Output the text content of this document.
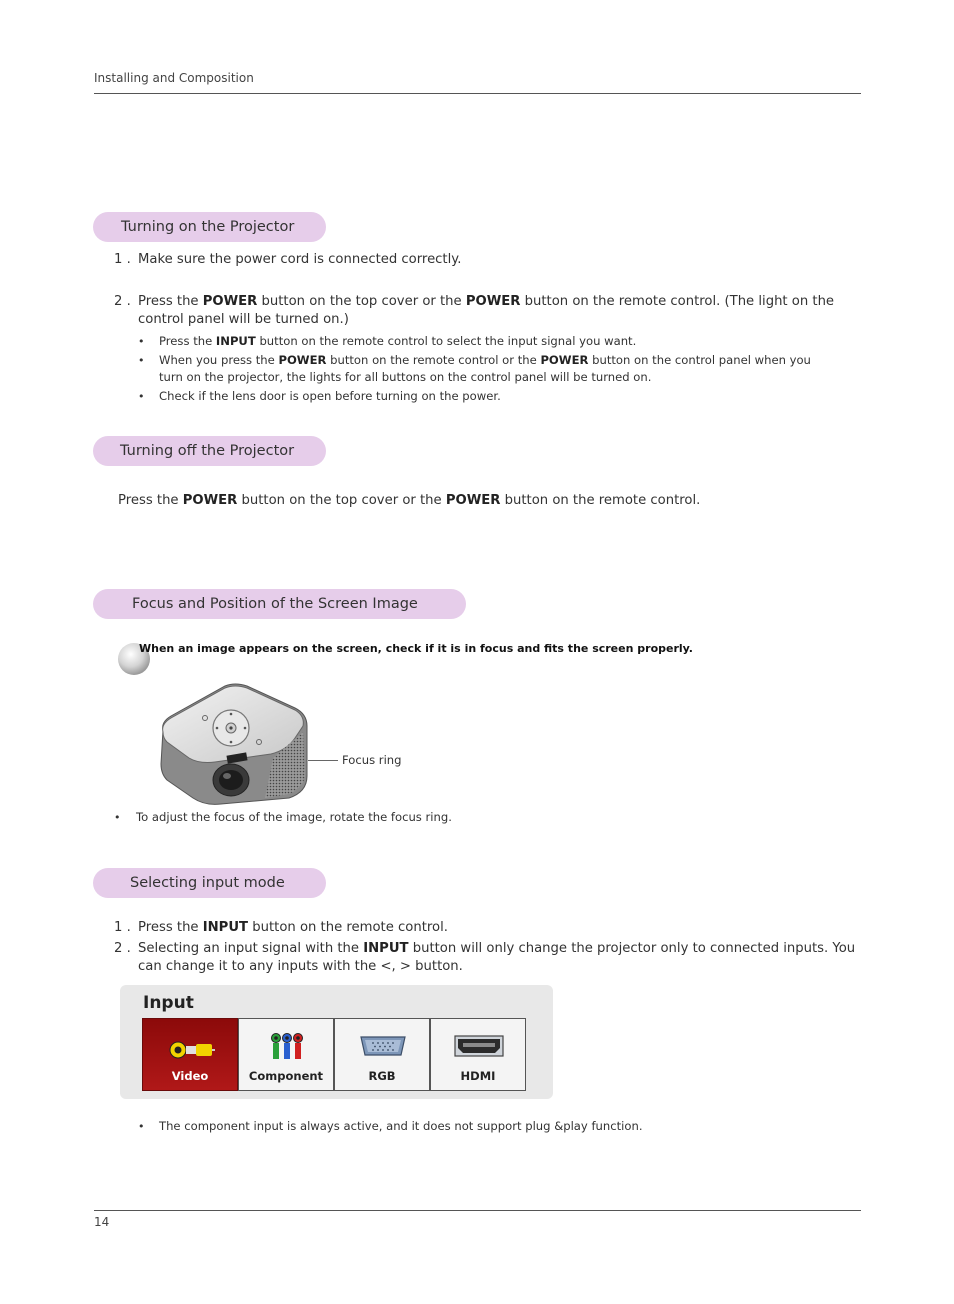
Installing and Composition
Turning on the Projector
1 . Make sure the power cord is connected correctly.
2 . Press the POWER button on the top cover or the POWER button on the remote control. (The light on the
control panel will be turned on.)
• Press the INPUT button on the remote control to select the input signal you want.
• When you press the POWER button on the remote control or the POWER button on the control panel when you
turn on the projector, the lights for all buttons on the control panel will be turned on.
• Check if the lens door is open before turning on the power.
Turning off the Projector
Press the POWER button on the top cover or the POWER button on the remote control.
Focus and Position of the Screen Image
When an image appears on the screen, check if it is in focus and fits the screen properly.
Focus ring
• To adjust the focus of the image, rotate the focus ring.
Selecting input mode
1 . Press the INPUT button on the remote control.
2 . Selecting an input signal with the INPUT button will only change the projector only to connected inputs. You
can change it to any inputs with the <, > button.
Input
Video	Component	RGB	HDMI
• The component input is always active, and it does not support plug &play function.
14
